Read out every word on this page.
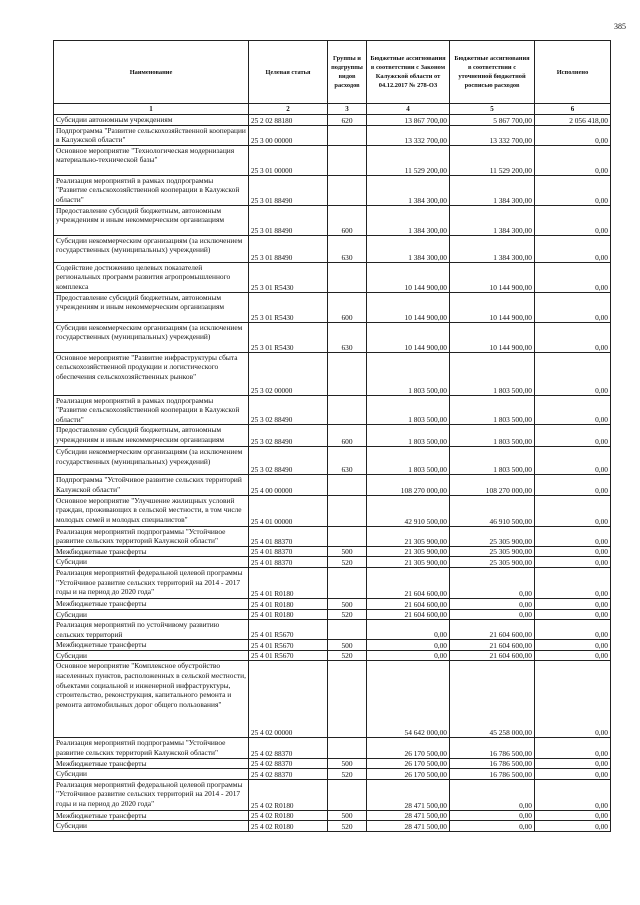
385
Наименование	Целевая статья	Группы и подгруппы видов расходов	Бюджетные ассигнования в соответствии с Законом Калужской области от 04.12.2017 № 278-ОЗ	Бюджетные ассигнования в соответствии с уточненной бюджетной росписью расходов	Исполнено
1	2	3	4	5	6
Субсидии автономным учреждениям	25 2 02 88180	620	13 867 700,00	5 867 700,00	2 056 418,00
Подпрограмма "Развитие сельскохозяйственной кооперации в Калужской области"	25 3 00 00000		13 332 700,00	13 332 700,00	0,00
Основное мероприятие "Технологическая модернизация материально-технической базы"	25 3 01 00000		11 529 200,00	11 529 200,00	0,00
Реализация мероприятий в рамках подпрограммы "Развитие сельскохозяйственной кооперации в Калужской области"	25 3 01 88490		1 384 300,00	1 384 300,00	0,00
Предоставление субсидий бюджетным, автономным учреждениям и иным некоммерческим организациям	25 3 01 88490	600	1 384 300,00	1 384 300,00	0,00
Субсидии некоммерческим организациям (за исключением государственных (муниципальных) учреждений)	25 3 01 88490	630	1 384 300,00	1 384 300,00	0,00
Содействие достижению целевых показателей региональных программ развития агропромышленного комплекса	25 3 01 R5430		10 144 900,00	10 144 900,00	0,00
Предоставление субсидий бюджетным, автономным учреждениям и иным некоммерческим организациям	25 3 01 R5430	600	10 144 900,00	10 144 900,00	0,00
Субсидии некоммерческим организациям (за исключением государственных (муниципальных) учреждений)	25 3 01 R5430	630	10 144 900,00	10 144 900,00	0,00
Основное мероприятие "Развитие инфраструктуры сбыта сельскохозяйственной продукции и логистического обеспечения сельскохозяйственных рынков"	25 3 02 00000		1 803 500,00	1 803 500,00	0,00
Реализация мероприятий в рамках подпрограммы "Развитие сельскохозяйственной кооперации в Калужской области"	25 3 02 88490		1 803 500,00	1 803 500,00	0,00
Предоставление субсидий бюджетным, автономным учреждениям и иным некоммерческим организациям	25 3 02 88490	600	1 803 500,00	1 803 500,00	0,00
Субсидии некоммерческим организациям (за исключением государственных (муниципальных) учреждений)	25 3 02 88490	630	1 803 500,00	1 803 500,00	0,00
Подпрограмма "Устойчивое развитие сельских территорий Калужской области"	25 4 00 00000		108 270 000,00	108 270 000,00	0,00
Основное мероприятие "Улучшение жилищных условий граждан, проживающих в сельской местности, в том числе молодых семей и молодых специалистов"	25 4 01 00000		42 910 500,00	46 910 500,00	0,00
Реализация мероприятий подпрограммы "Устойчивое развитие сельских территорий Калужской области"	25 4 01 88370		21 305 900,00	25 305 900,00	0,00
Межбюджетные трансферты	25 4 01 88370	500	21 305 900,00	25 305 900,00	0,00
Субсидии	25 4 01 88370	520	21 305 900,00	25 305 900,00	0,00
Реализация мероприятий федеральной целевой программы "Устойчивое развитие сельских территорий на 2014 - 2017 годы и на период до 2020 года"	25 4 01 R0180		21 604 600,00	0,00	0,00
Межбюджетные трансферты	25 4 01 R0180	500	21 604 600,00	0,00	0,00
Субсидии	25 4 01 R0180	520	21 604 600,00	0,00	0,00
Реализация мероприятий по устойчивому развитию сельских территорий	25 4 01 R5670		0,00	21 604 600,00	0,00
Межбюджетные трансферты	25 4 01 R5670	500	0,00	21 604 600,00	0,00
Субсидии	25 4 01 R5670	520	0,00	21 604 600,00	0,00
Основное мероприятие "Комплексное обустройство населенных пунктов, расположенных в сельской местности, объектами социальной и инженерной инфраструктуры, строительство, реконструкция, капитального ремонта и ремонта автомобильных дорог общего пользования"	25 4 02 00000		54 642 000,00	45 258 000,00	0,00
Реализация мероприятий подпрограммы "Устойчивое развитие сельских территорий Калужской области"	25 4 02 88370		26 170 500,00	16 786 500,00	0,00
Межбюджетные трансферты	25 4 02 88370	500	26 170 500,00	16 786 500,00	0,00
Субсидии	25 4 02 88370	520	26 170 500,00	16 786 500,00	0,00
Реализация мероприятий федеральной целевой программы "Устойчивое развитие сельских территорий на 2014 - 2017 годы и на период до 2020 года"	25 4 02 R0180		28 471 500,00	0,00	0,00
Межбюджетные трансферты	25 4 02 R0180	500	28 471 500,00	0,00	0,00
Субсидии	25 4 02 R0180	520	28 471 500,00	0,00	0,00
